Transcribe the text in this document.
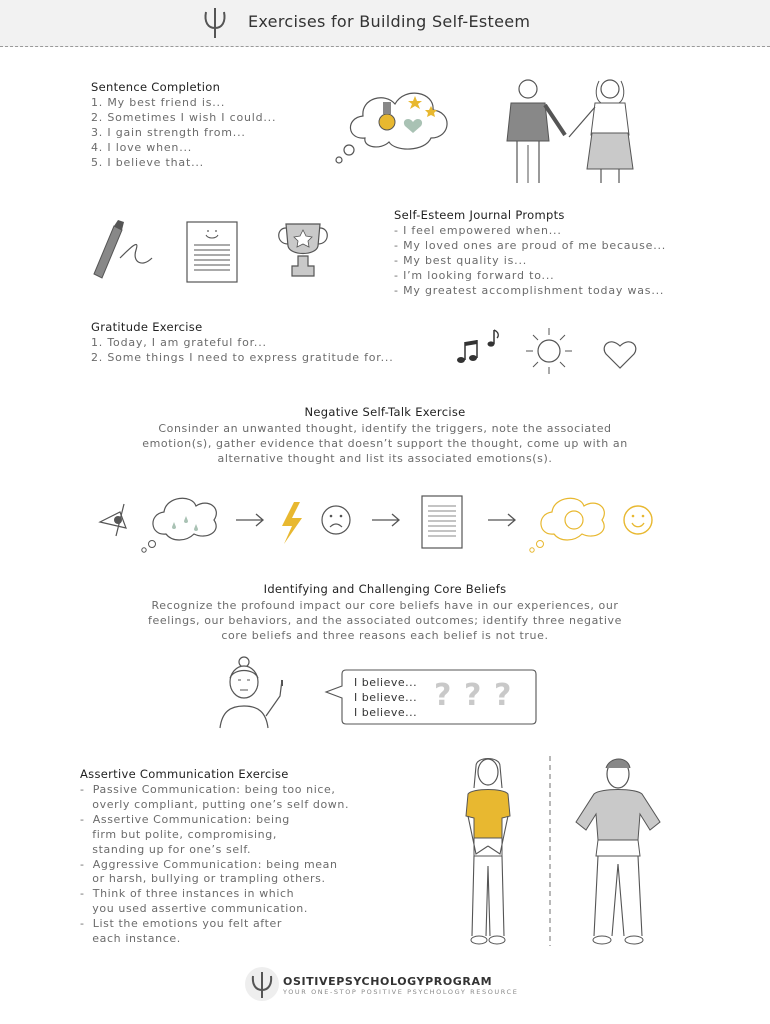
Exercises for Building Self-Esteem
Sentence Completion
1. My best friend is...
2. Sometimes I wish I could...
3. I gain strength from...
4. I love when...
5. I believe that...
Self-Esteem Journal Prompts
- I feel empowered when...
- My loved ones are proud of me because...
- My best quality is...
- I’m looking forward to...
- My greatest accomplishment today was...
Gratitude Exercise
1. Today, I am grateful for...
2. Some things I need to express gratitude for...
Negative Self-Talk Exercise
Consinder an unwanted thought, identify the triggers, note the associated
emotion(s), gather evidence that doesn’t support the thought, come up with an
alternative thought and list its associated emotions(s).
Identifying and Challenging Core Beliefs
Recognize the profound impact our core beliefs have in our experiences, our
feelings, our behaviors, and the associated outcomes; identify three negative
core beliefs and three reasons each belief is not true.
I believe...
I believe...
I believe... ? ? ?
Assertive Communication Exercise
-  Passive Communication: being too nice,
overly compliant, putting one’s self down.
-  Assertive Communication: being
firm but polite, compromising,
standing up for one’s self.
-  Aggressive Communication: being mean
or harsh, bullying or trampling others.
-  Think of three instances in which
you used assertive communication.
-  List the emotions you felt after
each instance.
OSITIVEPSYCHOLOGYPROGRAM
YOUR ONE-STOP POSITIVE PSYCHOLOGY RESOURCE
